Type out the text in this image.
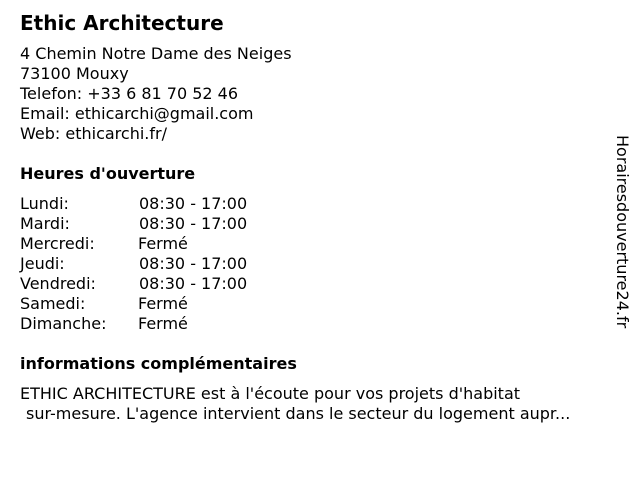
Ethic Architecture
4 Chemin Notre Dame des Neiges
73100 Mouxy
Telefon: +33 6 81 70 52 46
Email: ethicarchi@gmail.com
Web: ethicarchi.fr/
Heures d'ouverture
Lundi:	08:30 - 17:00
Mardi:	08:30 - 17:00
Mercredi:	Fermé
Jeudi:	08:30 - 17:00
Vendredi:	08:30 - 17:00
Samedi:	Fermé
Dimanche: Fermé
informations complémentaires
ETHIC ARCHITECTURE est à l'écoute pour vos projets d'habitat
sur-mesure. L'agence intervient dans le secteur du logement aupr...
Horairesdouverture24.fr
